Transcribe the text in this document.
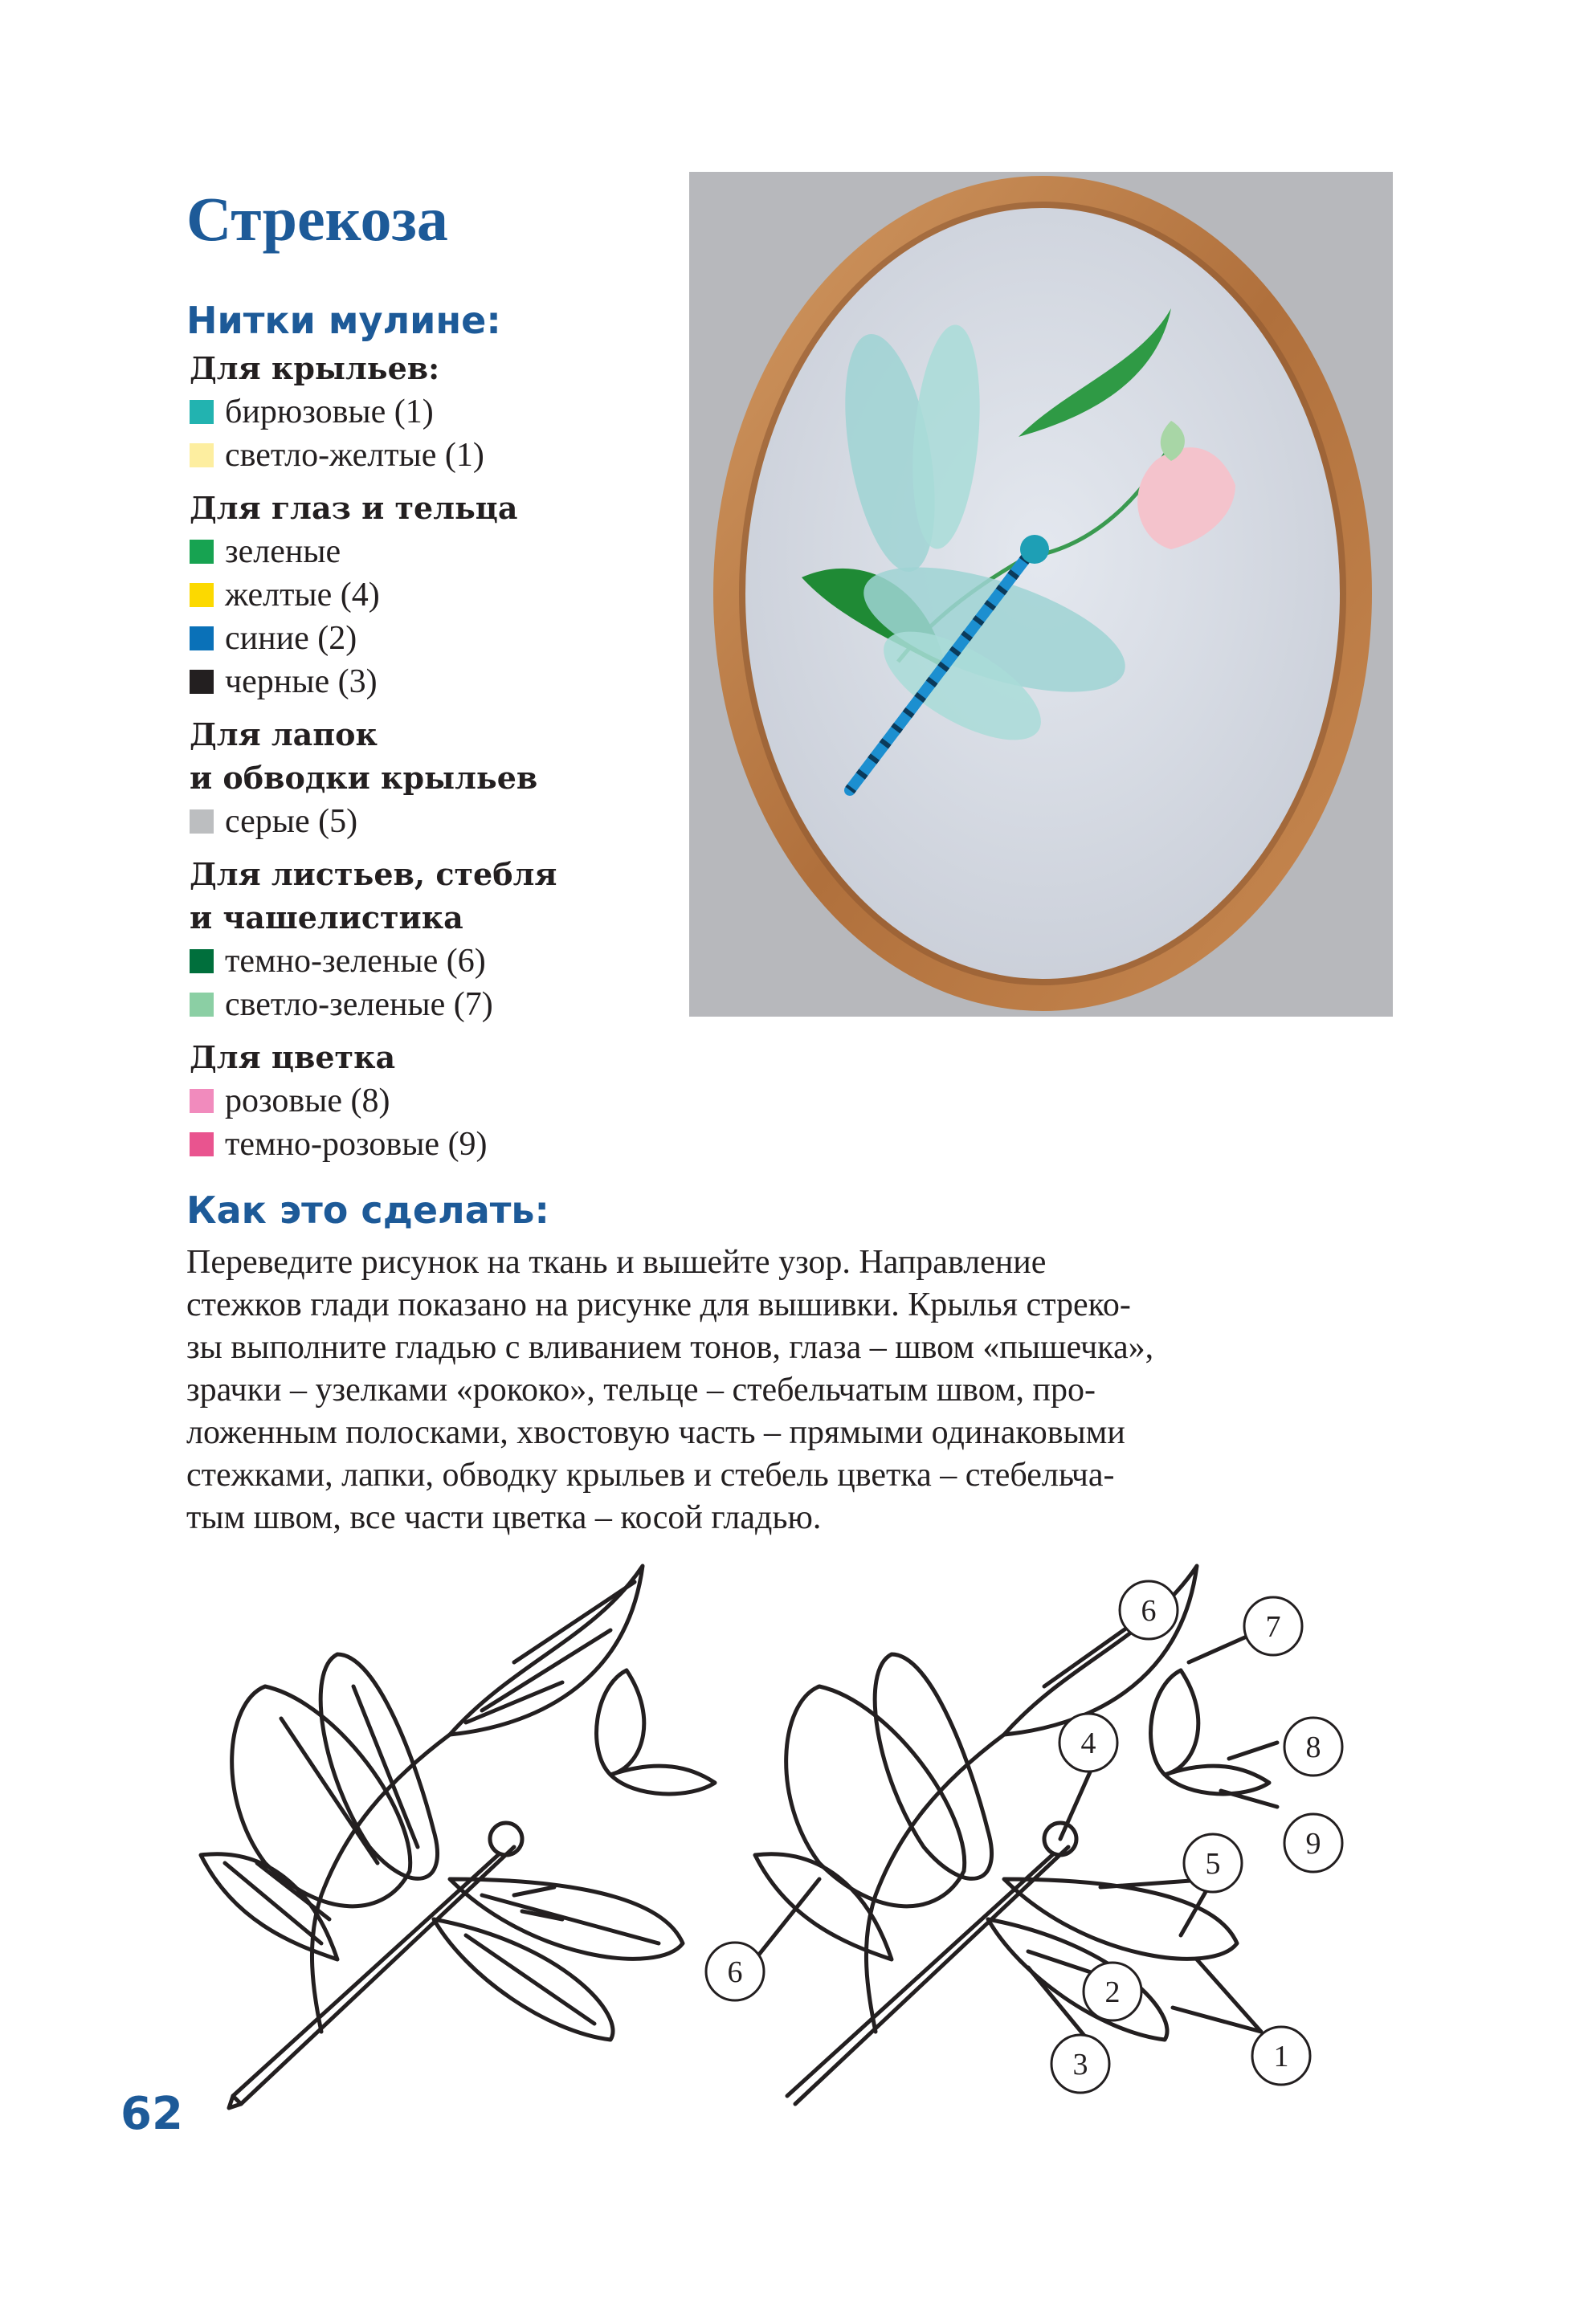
Стрекоза
Нитки мулине:
Для крыльев:
бирюзовые (1)
светло-желтые (1)
Для глаз и тельца
зеленые
желтые (4)
синие (2)
черные (3)
Для лапок
и обводки крыльев
серые (5)
Для листьев, стебля
и чашелистика
темно-зеленые (6)
светло-зеленые (7)
Для цветка
розовые (8)
темно-розовые (9)
Как это сделать:
Переведите рисунок на ткань и вышейте узор. Направление
стежков глади показано на рисунке для вышивки. Крылья стреко-
зы выполните гладью с вливанием тонов, глаза – швом «пышечка»,
зрачки – узелками «рококо», тельце – стебельчатым швом, про-
ложенным полосками, хвостовую часть – прямыми одинаковыми
стежками, лапки, обводку крыльев и стебель цветка – стебельча-
тым швом, все части цветка – косой гладью.
6	7
8
9
4
5
1
6
2
3

62
